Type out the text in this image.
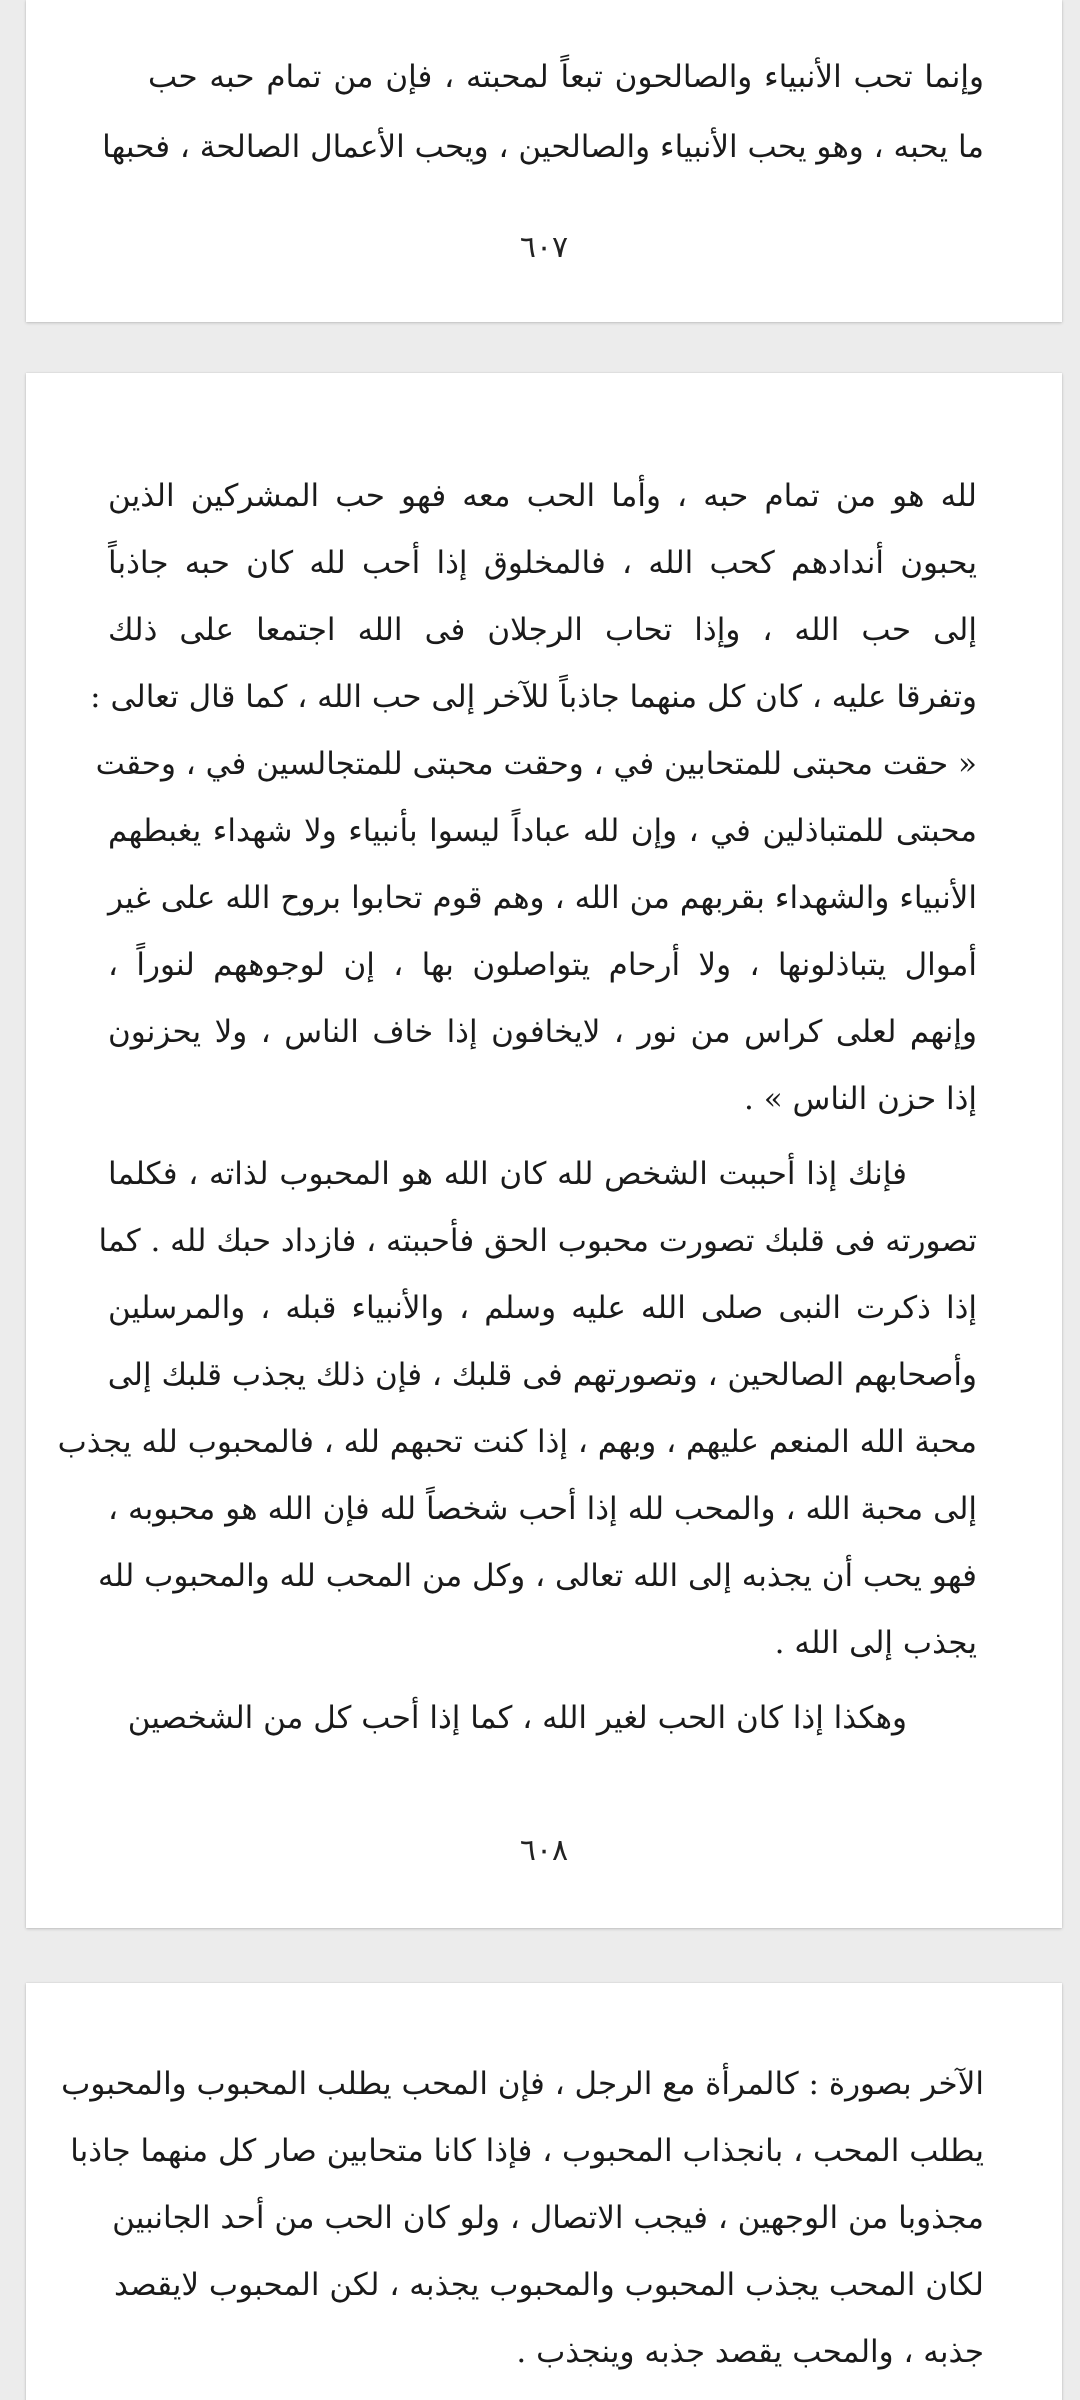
وإنما تحب الأنبياء والصالحون تبعاً لمحبته ، فإن من تمام حبه حب
ما يحبه ، وهو يحب الأنبياء والصالحين ، ويحب الأعمال الصالحة ، فحبها
٦٠٧
لله هو من تمام حبه ، وأما الحب معه فهو حب المشركين الذين
يحبون أندادهم كحب الله ، فالمخلوق إذا أحب لله كان حبه جاذباً
إلى حب الله ، وإذا تحاب الرجلان فى الله اجتمعا على ذلك
وتفرقا عليه ، كان كل منهما جاذباً للآخر إلى حب الله ، كما قال تعالى :
« حقت محبتى للمتحابين في ، وحقت محبتى للمتجالسين في ، وحقت
محبتى للمتباذلين في ، وإن لله عباداً ليسوا بأنبياء ولا شهداء يغبطهم
الأنبياء والشهداء بقربهم من الله ، وهم قوم تحابوا بروح الله على غير
أموال يتباذلونها ، ولا أرحام يتواصلون بها ، إن لوجوههم لنوراً ،
وإنهم لعلى كراس من نور ، لايخافون إذا خاف الناس ، ولا يحزنون
إذا حزن الناس » .
فإنك إذا أحببت الشخص لله كان الله هو المحبوب لذاته ، فكلما
تصورته فى قلبك تصورت محبوب الحق فأحببته ، فازداد حبك لله . كما
إذا ذكرت النبى صلى الله عليه وسلم ، والأنبياء قبله ، والمرسلين
وأصحابهم الصالحين ، وتصورتهم فى قلبك ، فإن ذلك يجذب قلبك إلى
محبة الله المنعم عليهم ، وبهم ، إذا كنت تحبهم لله ، فالمحبوب لله يجذب
إلى محبة الله ، والمحب لله إذا أحب شخصاً لله فإن الله هو محبوبه ،
فهو يحب أن يجذبه إلى الله تعالى ، وكل من المحب لله والمحبوب لله
يجذب إلى الله .
وهكذا إذا كان الحب لغير الله ، كما إذا أحب كل من الشخصين
٦٠٨
الآخر بصورة : كالمرأة مع الرجل ، فإن المحب يطلب المحبوب والمحبوب
يطلب المحب ، بانجذاب المحبوب ، فإذا كانا متحابين صار كل منهما جاذبا
مجذوبا من الوجهين ، فيجب الاتصال ، ولو كان الحب من أحد الجانبين
لكان المحب يجذب المحبوب والمحبوب يجذبه ، لكن المحبوب لايقصد
جذبه ، والمحب يقصد جذبه وينجذب .
